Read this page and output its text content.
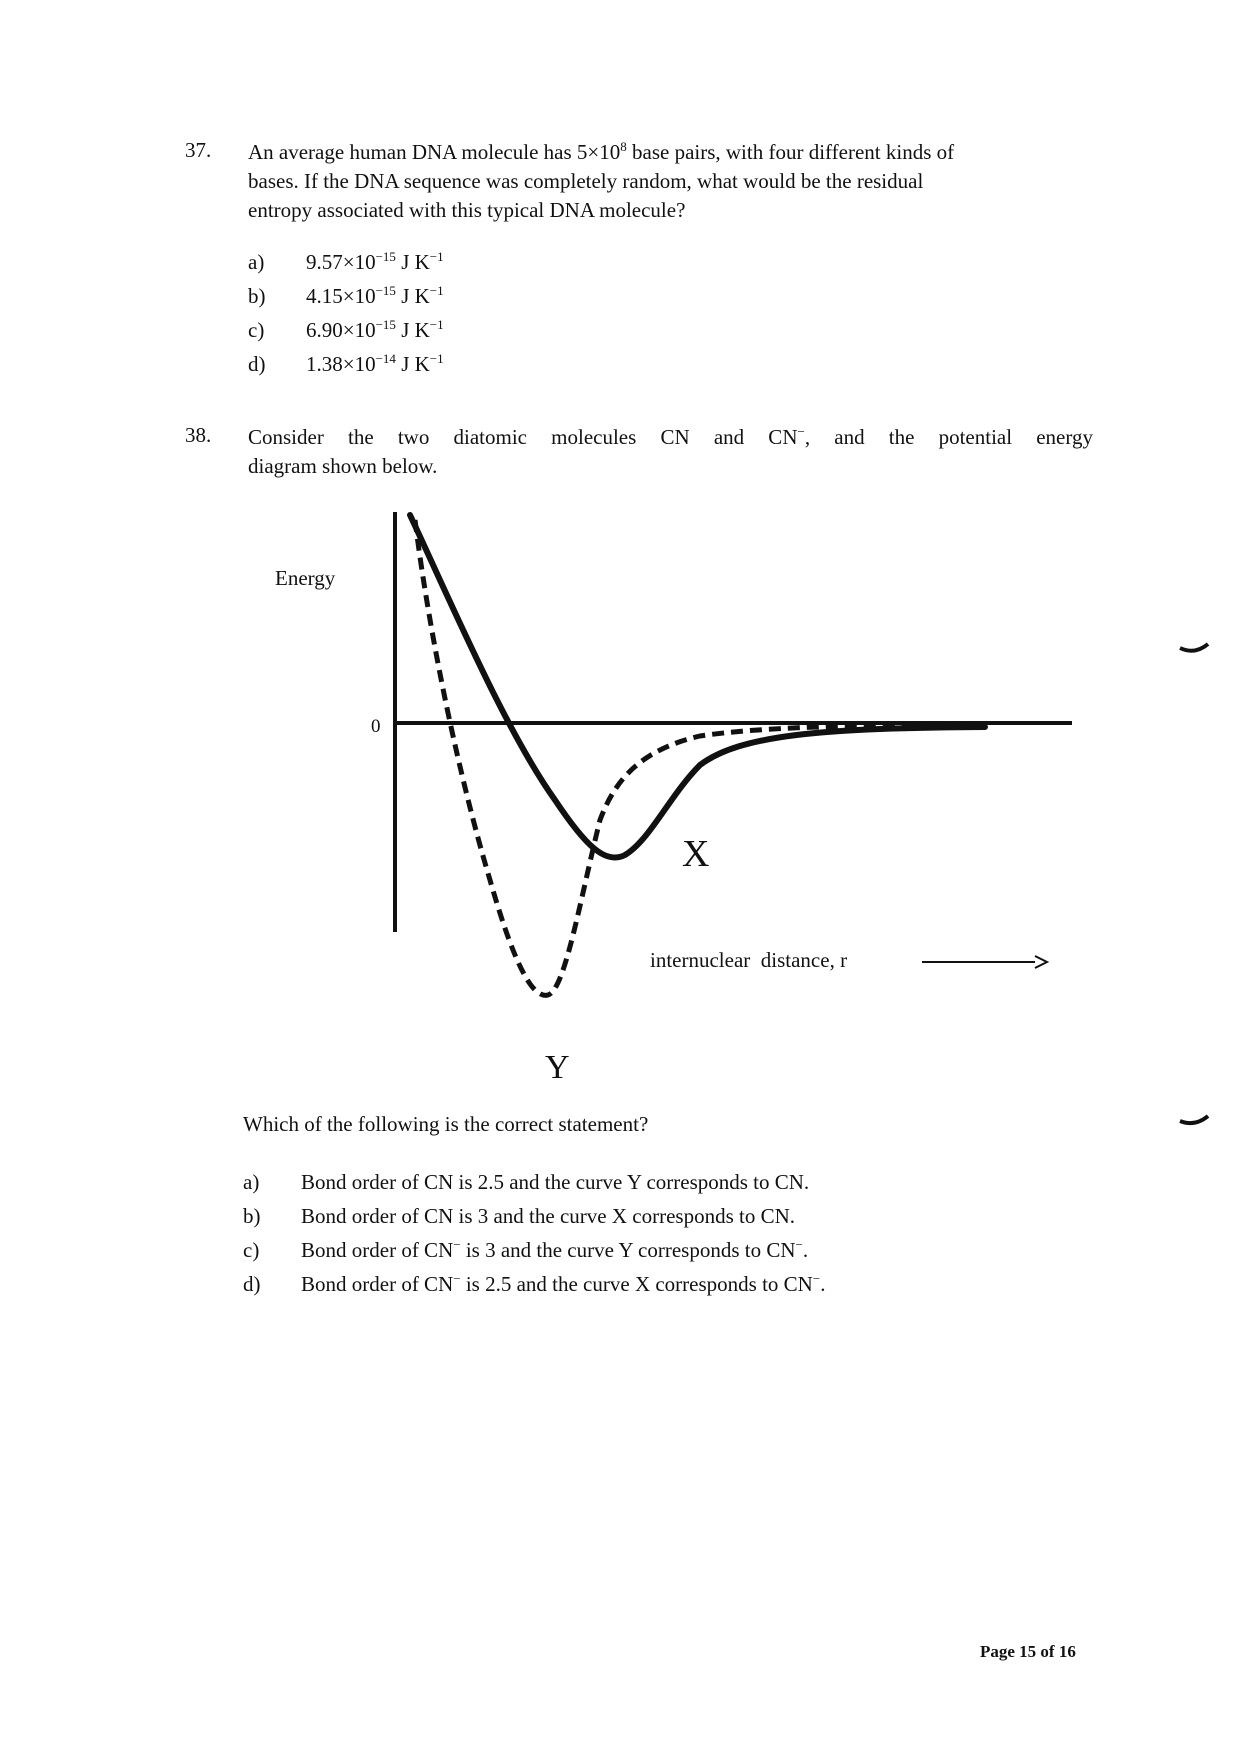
37. An average human DNA molecule has $5\times 10^8$ base pairs, with four different kinds of
bases. If the DNA sequence was completely random, what would be the residual
entropy associated with this typical DNA molecule?
a) $9.57\times 10^{-15}$ J $K^{-1}$
b) $4.15\times 10^{-15}$ J $K^{-1}$
c) $6.90\times 10^{-15}$ J $K^{-1}$
d) $1.38\times 10^{-14}$ J $K^{-1}$
38. Consider the two diatomic molecules CN and CN−, and the potential energy
diagram shown below.
Energy
0
internuclear  distance, r
X
Y
Which of the following is the correct statement?
a) Bond order of CN is 2.5 and the curve Y corresponds to CN.
b) Bond order of CN is 3 and the curve X corresponds to CN.
c) Bond order of CN− is 3 and the curve Y corresponds to CN−.
d) Bond order of CN− is 2.5 and the curve X corresponds to CN−.
Page 15 of 16
